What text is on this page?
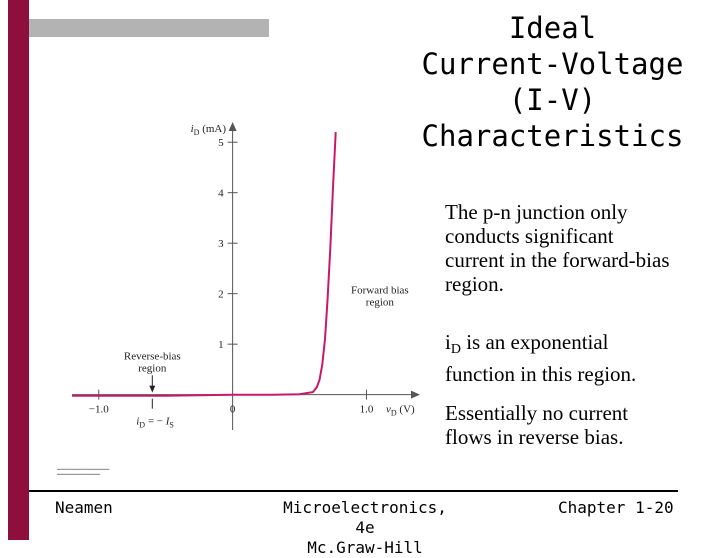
Ideal
Current-Voltage
(I-V)
Characteristics
1
2
3
4
5
−1.0	0	1.0
$i_D$ (mA)
$v_D$ (V)
Forward bias
region
Reverse-bias
region
$i_D$ = − $I_S$
▂▂▂▂▂▂▂▂▂▂▂▂▂▂▂▂▂
▂▂▂▂▂▂▂▂▂▂▂▂▂▂
The p-n junction only conducts significant current in the forward-bias region.
$i_D$ is an exponential function in this region.
Essentially no current flows in reverse bias.
Neamen	Microelectronics, 4e
Mc.Graw-Hill
Chapter 1-20
